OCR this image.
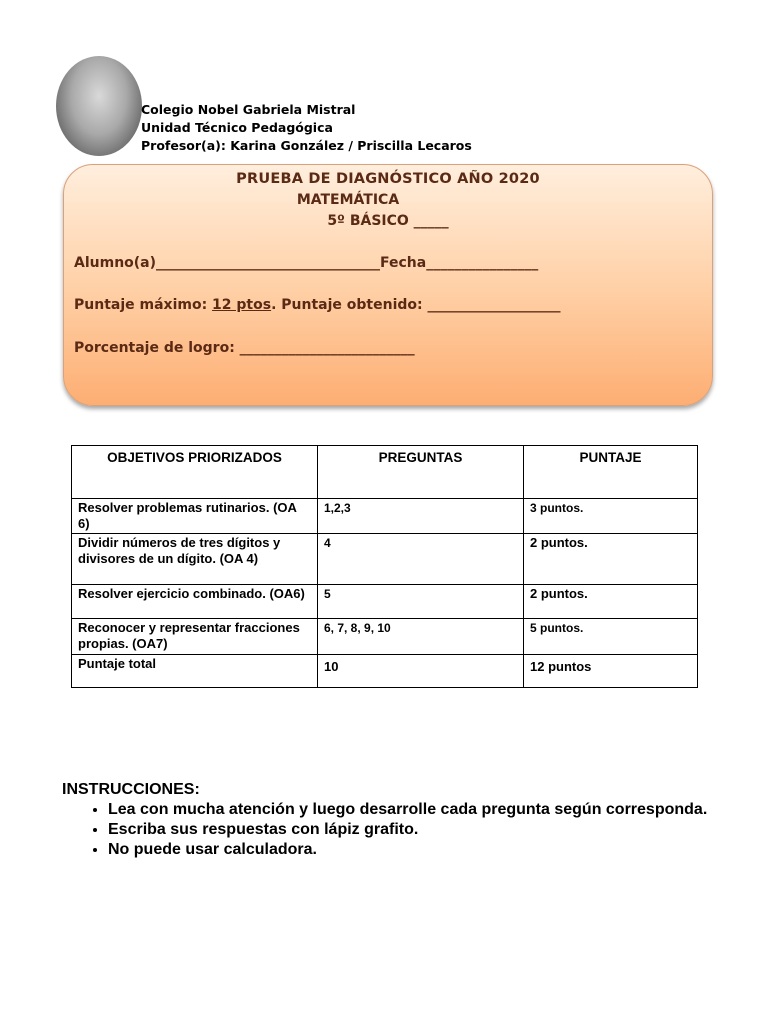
Colegio Nobel Gabriela Mistral
Unidad Técnico Pedagógica
Profesor(a): Karina González / Priscilla Lecaros
PRUEBA DE DIAGNÓSTICO AÑO 2020
MATEMÁTICA
5º BÁSICO _____
Alumno(a)________________________________Fecha________________
Puntaje máximo: 12 ptos. Puntaje obtenido: ___________________
Porcentaje de logro: _________________________
OBJETIVOS PRIORIZADOS	PREGUNTAS	PUNTAJE
Resolver problemas rutinarios. (OA 6)	1,2,3	3 puntos.
Dividir números de tres dígitos y divisores de un dígito. (OA 4)	4	2 puntos.
Resolver ejercicio combinado. (OA6)	5	2 puntos.
Reconocer y representar fracciones propias. (OA7)	6, 7, 8, 9, 10	5 puntos.
Puntaje total	10	12 puntos
INSTRUCCIONES:
• Lea con mucha atención y luego desarrolle cada pregunta según corresponda.
• Escriba sus respuestas con lápiz grafito.
• No puede usar calculadora.
